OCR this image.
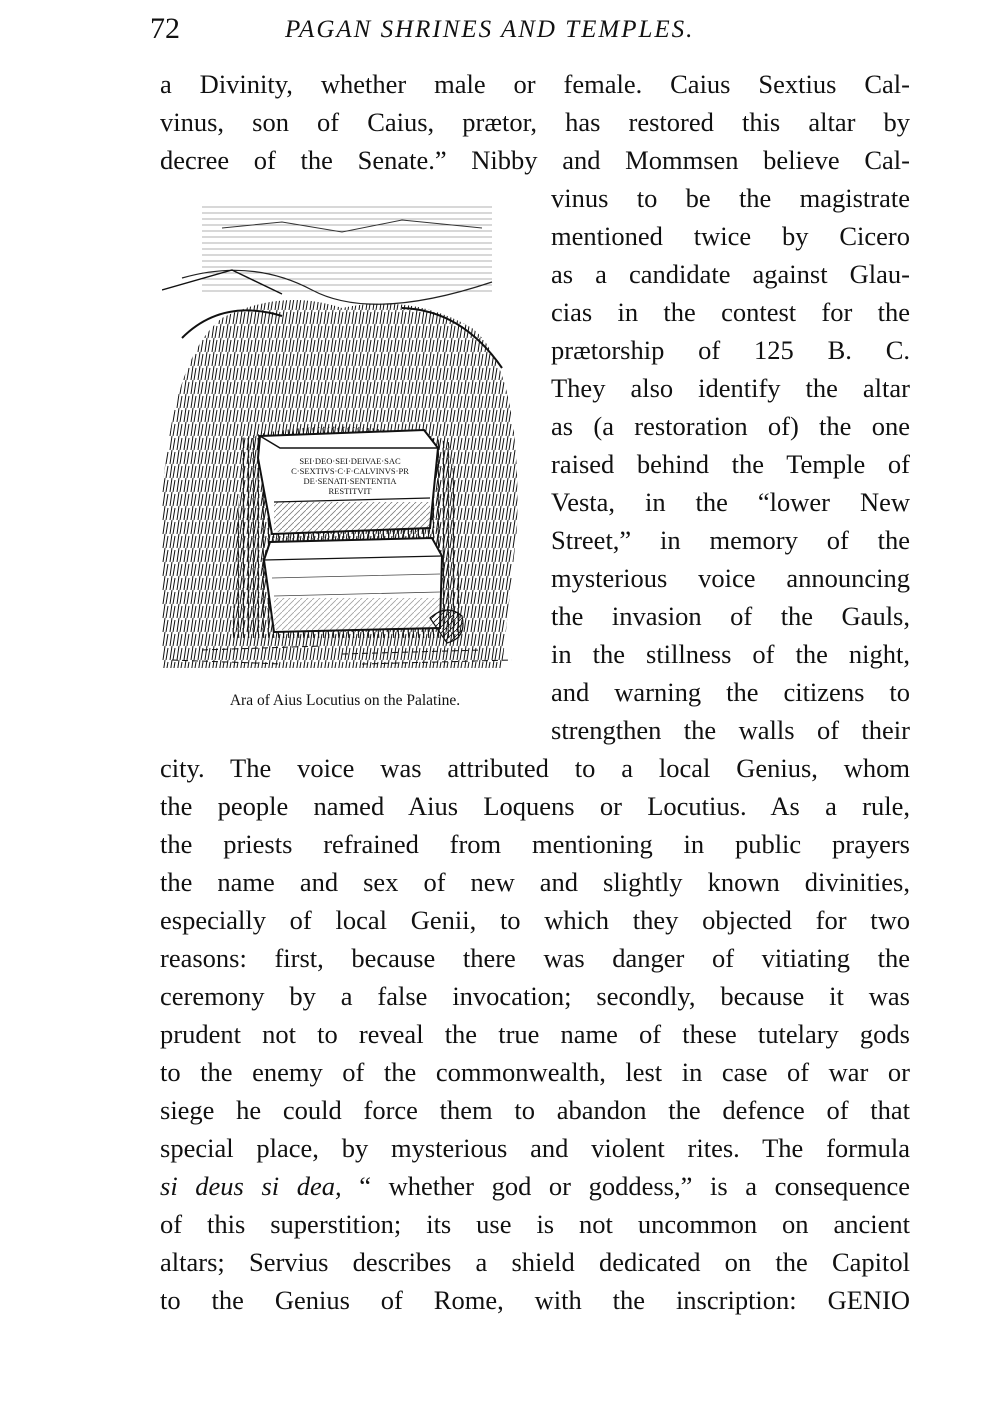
72	PAGAN SHRINES AND TEMPLES.
a Divinity, whether male or female. Caius Sextius Cal-
vinus, son of Caius, prætor, has restored this altar by
decree of the Senate.” Nibby and Mommsen believe Cal-
vinus to be the magistrate
mentioned twice by Cicero
as a candidate against Glau-
cias in the contest for the
prætorship of 125 B. C.
They also identify the altar
as (a restoration of) the one
raised behind the Temple of
Vesta, in the “lower New
Street,” in memory of the
mysterious voice announcing
the invasion of the Gauls,
in the stillness of the night,
and warning the citizens to
strengthen the walls of their
SEI·DEO·SEI·DEIVAE·SAC
C·SEXTIVS·C·F·CALVINVS·PR
DE·SENATI·SENTENTIA
RESTITVIT
Ara of Aius Locutius on the Palatine.
city. The voice was attributed to a local Genius, whom
the people named Aius Loquens or Locutius. As a rule,
the priests refrained from mentioning in public prayers
the name and sex of new and slightly known divinities,
especially of local Genii, to which they objected for two
reasons: first, because there was danger of vitiating the
ceremony by a false invocation; secondly, because it was
prudent not to reveal the true name of these tutelary gods
to the enemy of the commonwealth, lest in case of war or
siege he could force them to abandon the defence of that
special place, by mysterious and violent rites. The formula
si deus si dea, “ whether god or goddess,” is a consequence
of this superstition; its use is not uncommon on ancient
altars; Servius describes a shield dedicated on the Capitol
to the Genius of Rome, with the inscription: GENIO
